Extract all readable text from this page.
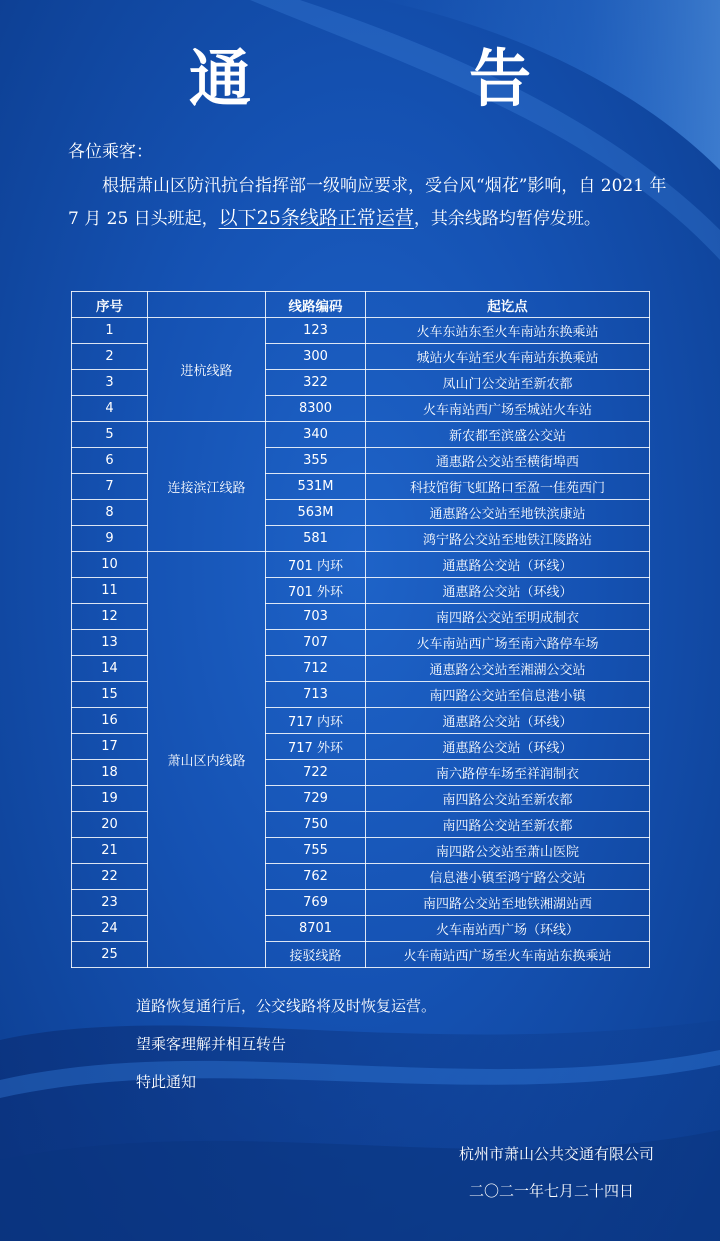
通　告
各位乘客：
根据萧山区防汛抗台指挥部一级响应要求，受台风“烟花”影响，自 2021 年 7 月 25 日头班起，以下25条线路正常运营，其余线路均暂停发班。
序号		线路编码	起讫点
1	进杭线路	123	火车东站东至火车南站东换乘站
2		300	城站火车站至火车南站东换乘站
3		322	凤山门公交站至新农都
4		8300	火车南站西广场至城站火车站
5	连接滨江线路	340	新农都至滨盛公交站
6		355	通惠路公交站至横街埠西
7		531M	科技馆街飞虹路口至盈一佳苑西门
8		563M	通惠路公交站至地铁滨康站
9		581	鸿宁路公交站至地铁江陵路站
10	萧山区内线路	701 内环	通惠路公交站（环线）
11		701 外环	通惠路公交站（环线）
12		703	南四路公交站至明成制衣
13		707	火车南站西广场至南六路停车场
14		712	通惠路公交站至湘湖公交站
15		713	南四路公交站至信息港小镇
16		717 内环	通惠路公交站（环线）
17		717 外环	通惠路公交站（环线）
18		722	南六路停车场至祥润制衣
19		729	南四路公交站至新农都
20		750	南四路公交站至新农都
21		755	南四路公交站至萧山医院
22		762	信息港小镇至鸿宁路公交站
23		769	南四路公交站至地铁湘湖站西
24		8701	火车南站西广场（环线）
25		接驳线路	火车南站西广场至火车南站东换乘站
道路恢复通行后，公交线路将及时恢复运营。
望乘客理解并相互转告
特此通知
杭州市萧山公共交通有限公司
二〇二一年七月二十四日
